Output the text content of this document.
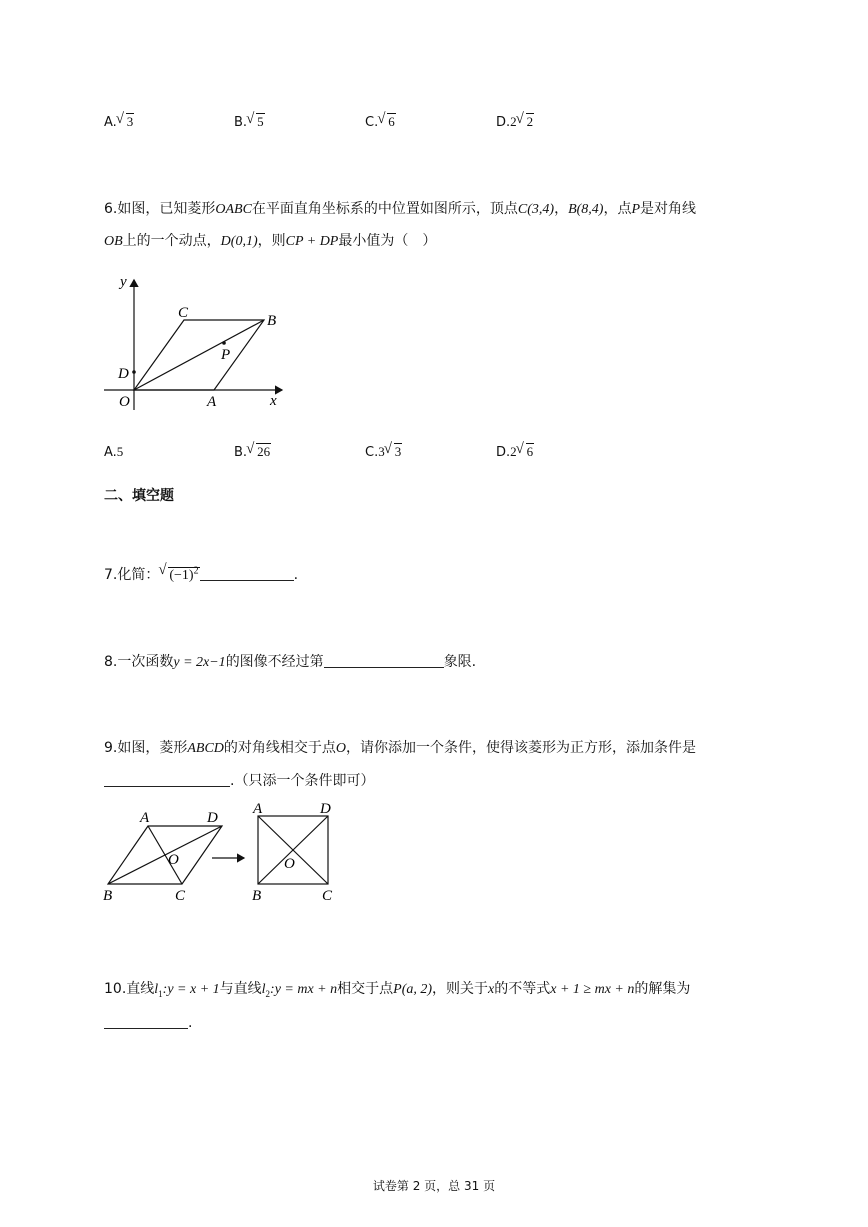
A. √ 3	B. √ 5	C. √ 6	D.2 √ 2
6.如图，已知菱形OABC在平面直角坐标系的中位置如图所示，顶点C(3,4)，B(8,4)，点P是对角线
OB上的一个动点，D(0,1)，则CP + DP最小值为（　）
y
x
O	A
B
C
D
P
A.5	B. √ 26	C.3 √ 3	D.2 √ 6
二、填空题
7.化简： √ $(-1)^2$	.
8.一次函数y = 2x−1的图像不经过第	象限.
9.如图，菱形ABCD的对角线相交于点O，请你添加一个条件，使得该菱形为正方形，添加条件是
.（只添一个条件即可）
A	D
B	C
O
A	D
B	C
O
10.直线$l_1:y = x + 1$与直线$l_2:y$ = mx + n相交于点P(a, 2)，则关于x的不等式x + 1 ≥ mx + n的解集为
.
试卷第 2 页，总 31 页
